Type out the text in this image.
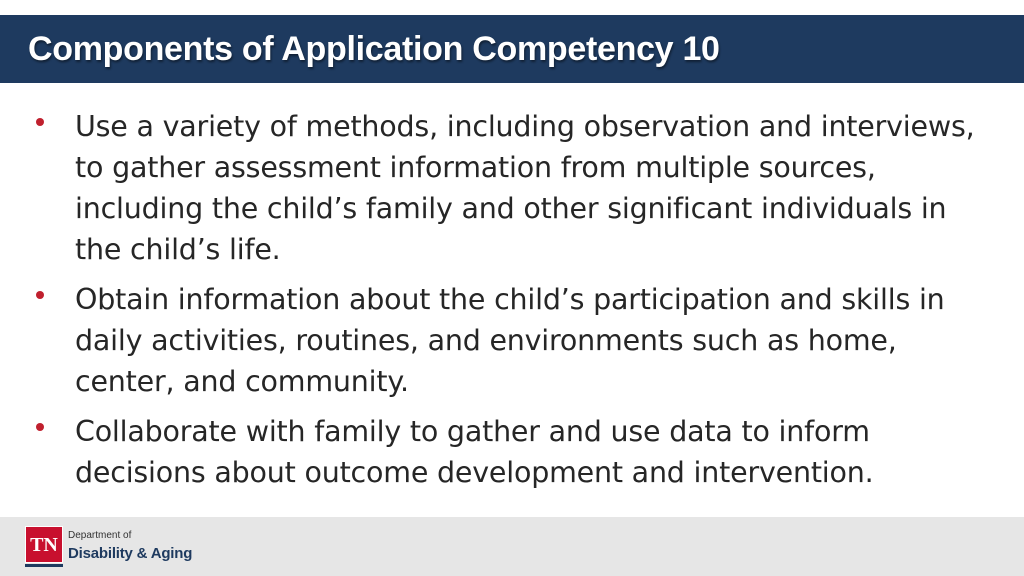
Components of Application Competency 10
Use a variety of methods, including observation and interviews, to gather assessment information from multiple sources, including the child’s family and other significant individuals in the child’s life.
Obtain information about the child’s participation and skills in daily activities, routines, and environments such as home, center, and community.
Collaborate with family to gather and use data to inform decisions about outcome development and intervention.
TN	Department of
Disability & Aging
